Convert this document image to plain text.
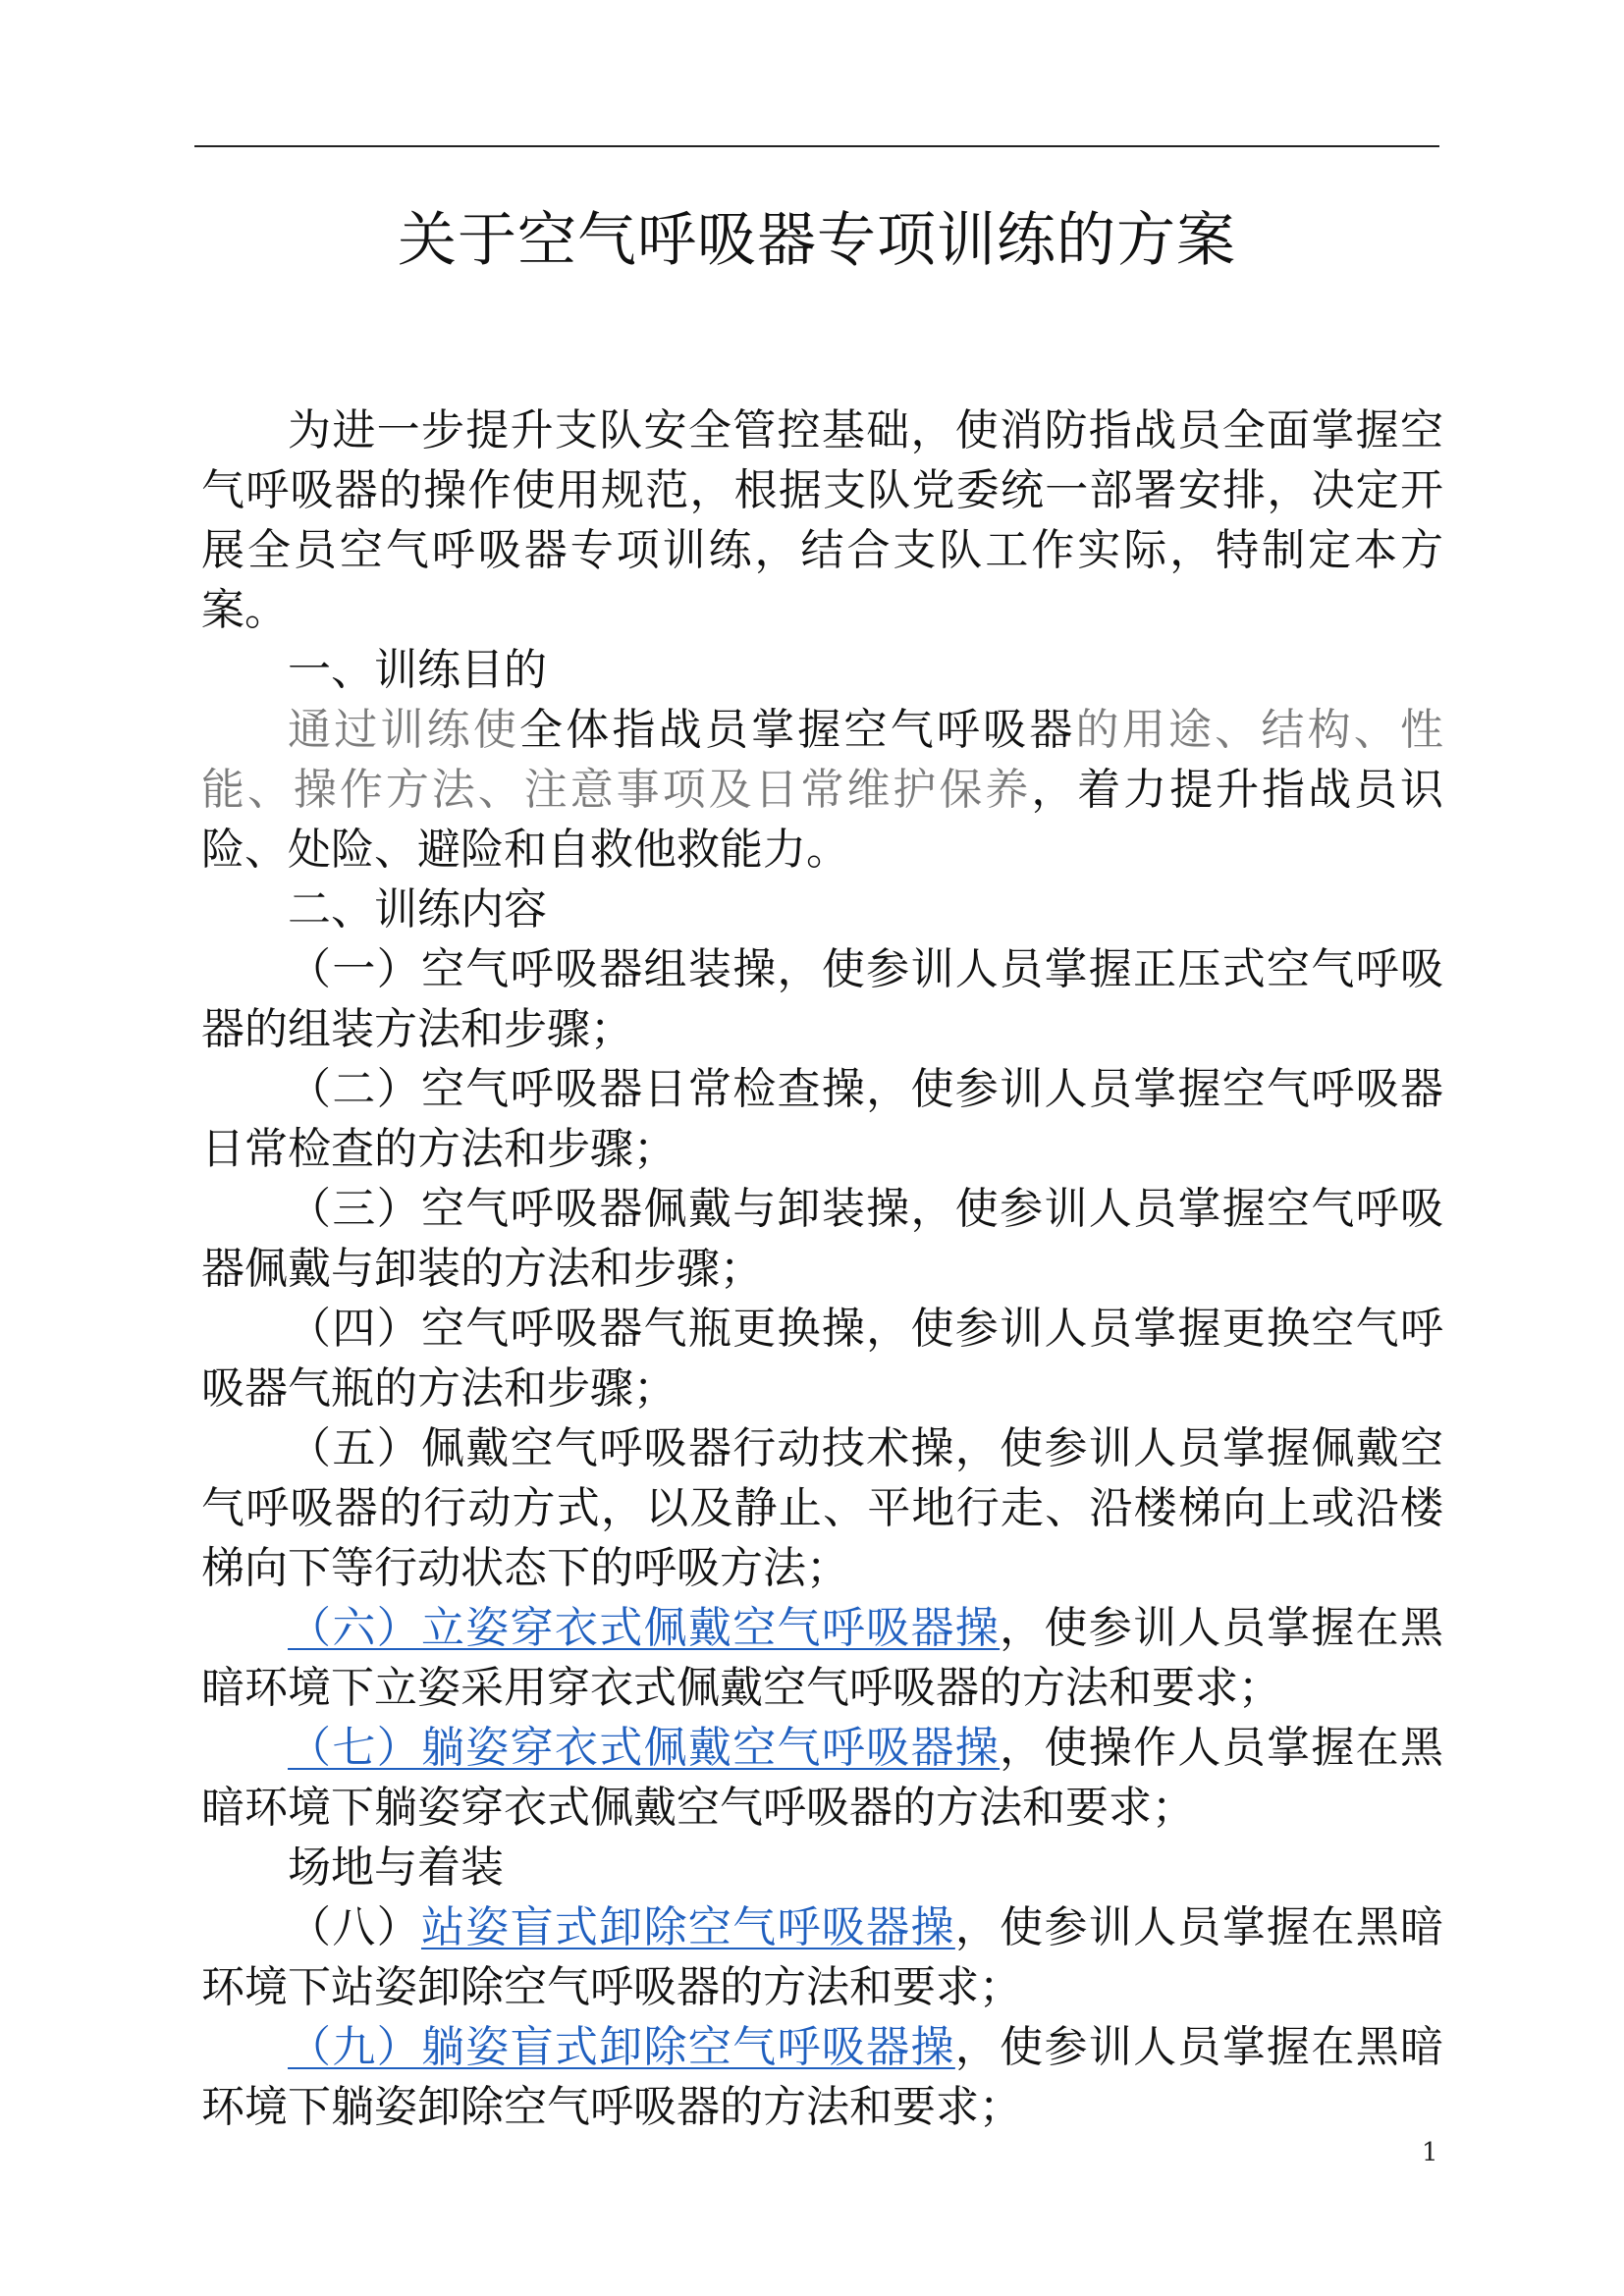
关于空气呼吸器专项训练的方案

为进一步提升支队安全管控基础，使消防指战员全面掌握空气呼吸器的操作使用规范，根据支队党委统一部署安排，决定开展全员空气呼吸器专项训练，结合支队工作实际，特制定本方案。

一、训练目的

通过训练使全体指战员掌握空气呼吸器的用途、结构、性能、操作方法、注意事项及日常维护保养，着力提升指战员识险、处险、避险和自救他救能力。

二、训练内容

（一）空气呼吸器组装操，使参训人员掌握正压式空气呼吸器的组装方法和步骤；

（二）空气呼吸器日常检查操，使参训人员掌握空气呼吸器日常检查的方法和步骤；

（三）空气呼吸器佩戴与卸装操，使参训人员掌握空气呼吸器佩戴与卸装的方法和步骤；

（四）空气呼吸器气瓶更换操，使参训人员掌握更换空气呼吸器气瓶的方法和步骤；

（五）佩戴空气呼吸器行动技术操，使参训人员掌握佩戴空气呼吸器的行动方式，以及静止、平地行走、沿楼梯向上或沿楼梯向下等行动状态下的呼吸方法；

（六）立姿穿衣式佩戴空气呼吸器操，使参训人员掌握在黑暗环境下立姿采用穿衣式佩戴空气呼吸器的方法和要求；

（七）躺姿穿衣式佩戴空气呼吸器操，使操作人员掌握在黑暗环境下躺姿穿衣式佩戴空气呼吸器的方法和要求；

场地与着装

（八）站姿盲式卸除空气呼吸器操，使参训人员掌握在黑暗环境下站姿卸除空气呼吸器的方法和要求；

（九）躺姿盲式卸除空气呼吸器操，使参训人员掌握在黑暗环境下躺姿卸除空气呼吸器的方法和要求；

1
